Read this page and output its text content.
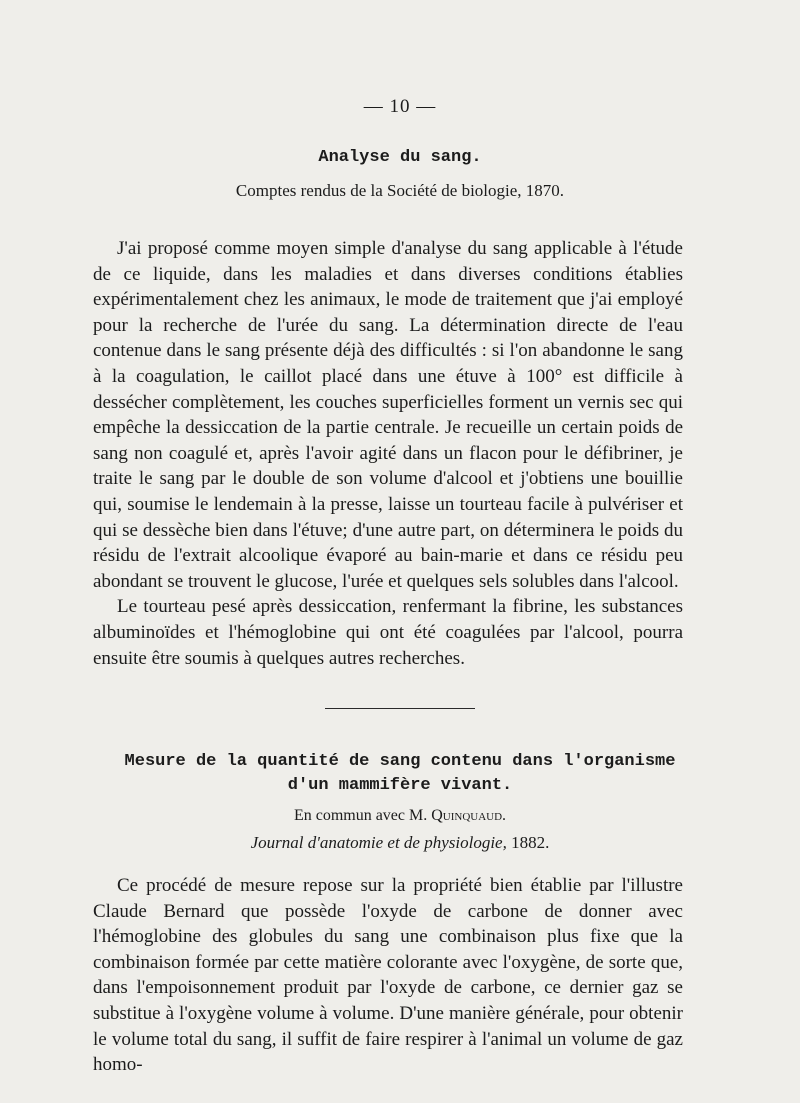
— 10 —
Analyse du sang.
Comptes rendus de la Société de biologie, 1870.

J'ai proposé comme moyen simple d'analyse du sang applicable à l'étude de ce liquide, dans les maladies et dans diverses conditions établies expérimentalement chez les animaux, le mode de traitement que j'ai employé pour la recherche de l'urée du sang. La détermination directe de l'eau contenue dans le sang présente déjà des difficultés : si l'on abandonne le sang à la coagulation, le caillot placé dans une étuve à 100° est difficile à dessécher complètement, les couches superficielles forment un vernis sec qui empêche la dessiccation de la partie centrale. Je recueille un certain poids de sang non coagulé et, après l'avoir agité dans un flacon pour le défibriner, je traite le sang par le double de son volume d'alcool et j'obtiens une bouillie qui, soumise le lendemain à la presse, laisse un tourteau facile à pulvériser et qui se dessèche bien dans l'étuve; d'une autre part, on déterminera le poids du résidu de l'extrait alcoolique évaporé au bain-marie et dans ce résidu peu abondant se trouvent le glucose, l'urée et quelques sels solubles dans l'alcool.

Le tourteau pesé après dessiccation, renfermant la fibrine, les substances albuminoïdes et l'hémoglobine qui ont été coagulées par l'alcool, pourra ensuite être soumis à quelques autres recherches.

Mesure de la quantité de sang contenu dans l'organisme
d'un mammifère vivant.
En commun avec M. Quinquaud.
Journal d'anatomie et de physiologie, 1882.

Ce procédé de mesure repose sur la propriété bien établie par l'illustre Claude Bernard que possède l'oxyde de carbone de donner avec l'hémoglobine des globules du sang une combinaison plus fixe que la combinaison formée par cette matière colorante avec l'oxygène, de sorte que, dans l'empoisonnement produit par l'oxyde de carbone, ce dernier gaz se substitue à l'oxygène volume à volume. D'une manière générale, pour obtenir le volume total du sang, il suffit de faire respirer à l'animal un volume de gaz homo-
